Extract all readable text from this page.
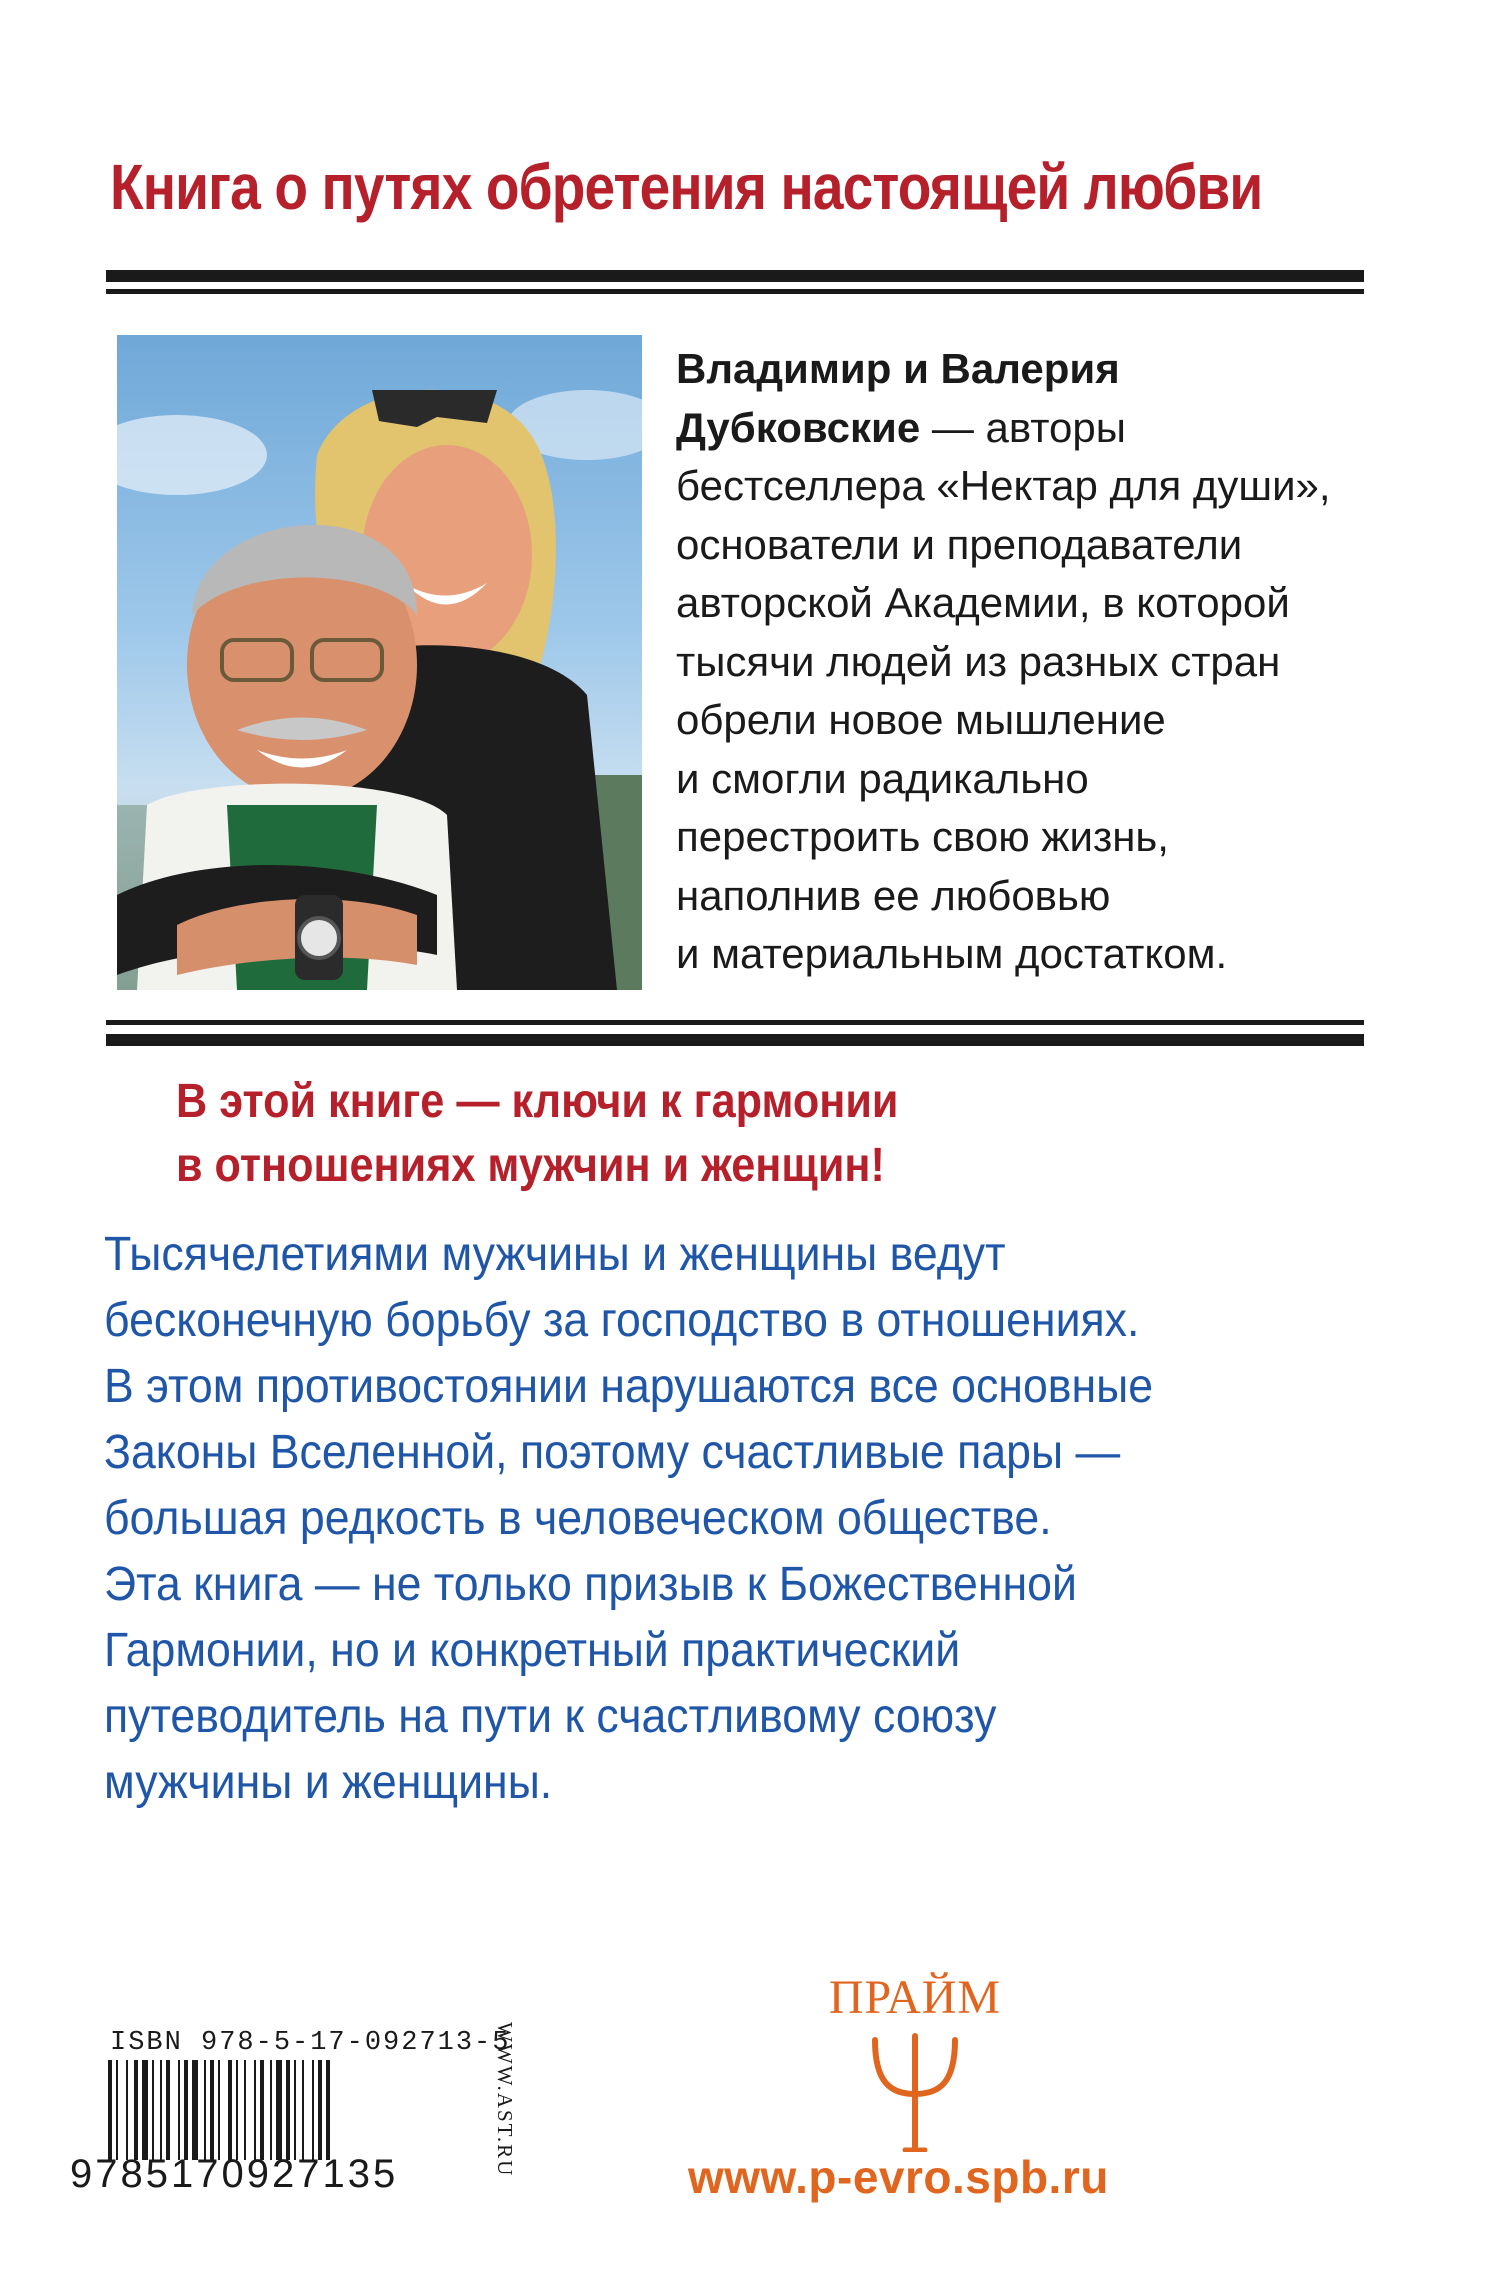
Книга о путях обретения настоящей любви
Владимир и Валерия
Дубковские — авторы
бестселлера «Нектар для души»,
основатели и преподаватели
авторской Академии, в которой
тысячи людей из разных стран
обрели новое мышление
и смогли радикально
перестроить свою жизнь,
наполнив ее любовью
и материальным достатком.
В этой книге — ключи к гармонии
в отношениях мужчин и женщин!
Тысячелетиями мужчины и женщины ведут
бесконечную борьбу за господство в отношениях.
В этом противостоянии нарушаются все основные
Законы Вселенной, поэтому счастливые пары —
большая редкость в человеческом обществе.
Эта книга — не только призыв к Божественной
Гармонии, но и конкретный практический
путеводитель на пути к счастливому союзу
мужчины и женщины.
ISBN 978-5-17-092713-5
9785170927135	WWW.AST.RU
ПРАЙМ
www.p-evro.spb.ru
